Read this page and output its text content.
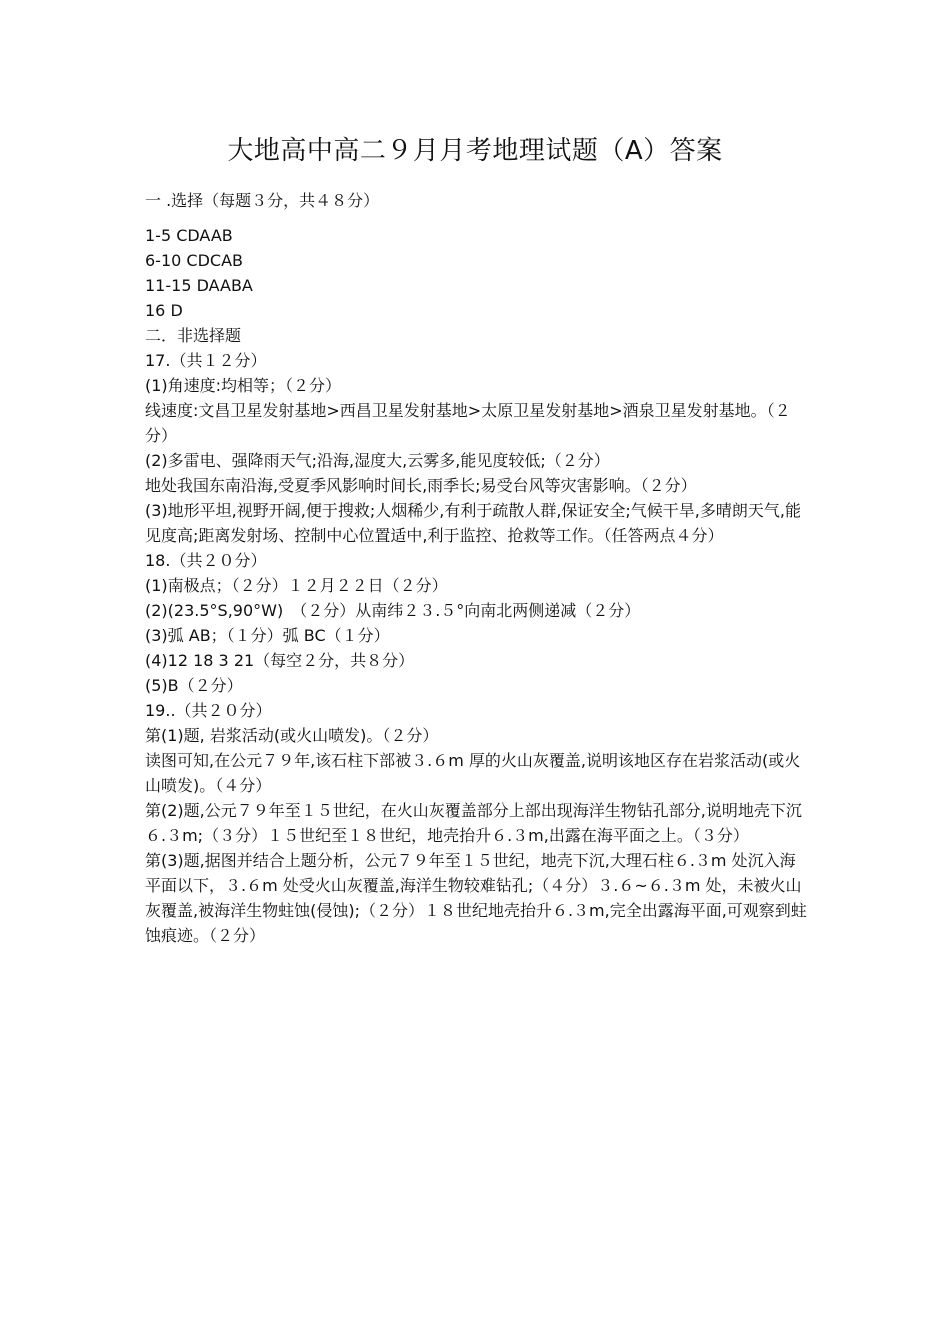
大地高中高二９月月考地理试题（A）答案
一 .选择（每题３分，共４８分）
1-5 CDAAB
6-10 CDCAB
11-15 DAABA
16 D
二．非选择题
17.（共１２分）
(1)角速度:均相等；（２分）
线速度:文昌卫星发射基地>西昌卫星发射基地>太原卫星发射基地>酒泉卫星发射基地。（２分）
(2)多雷电、强降雨天气;沿海,湿度大,云雾多,能见度较低;（２分）
地处我国东南沿海,受夏季风影响时间长,雨季长;易受台风等灾害影响。（２分）
(3)地形平坦,视野开阔,便于搜救;人烟稀少,有利于疏散人群,保证安全;气候干旱,多晴朗天气,能见度高;距离发射场、控制中心位置适中,利于监控、抢救等工作。（任答两点４分）
18.（共２０分）
(1)南极点；（２分）１２月２２日（２分）
(2)(23.5°S,90°W)　（２分）从南纬２３.５°向南北两侧递减（２分）
(3)弧 AB；（１分）弧 BC（１分）
(4)12 18 3 21（每空２分，共８分）
(5)B（２分）
19..（共２０分）
第(1)题, 岩浆活动(或火山喷发)。（２分）
读图可知,在公元７９年,该石柱下部被３.６m 厚的火山灰覆盖,说明该地区存在岩浆活动(或火山喷发)。（４分）
第(2)题,公元７９年至１５世纪，在火山灰覆盖部分上部出现海洋生物钻孔部分,说明地壳下沉６.３m;（３分）１５世纪至１８世纪，地壳抬升６.３m,出露在海平面之上。（３分）
第(3)题,据图并结合上题分析，公元７９年至１５世纪，地壳下沉,大理石柱６.３m 处沉入海平面以下，３.６m 处受火山灰覆盖,海洋生物较难钻孔;（４分）３.６~６.３m 处，未被火山灰覆盖,被海洋生物蛀蚀(侵蚀);（２分）１８世纪地壳抬升６.３m,完全出露海平面,可观察到蛀蚀痕迹。（２分）
